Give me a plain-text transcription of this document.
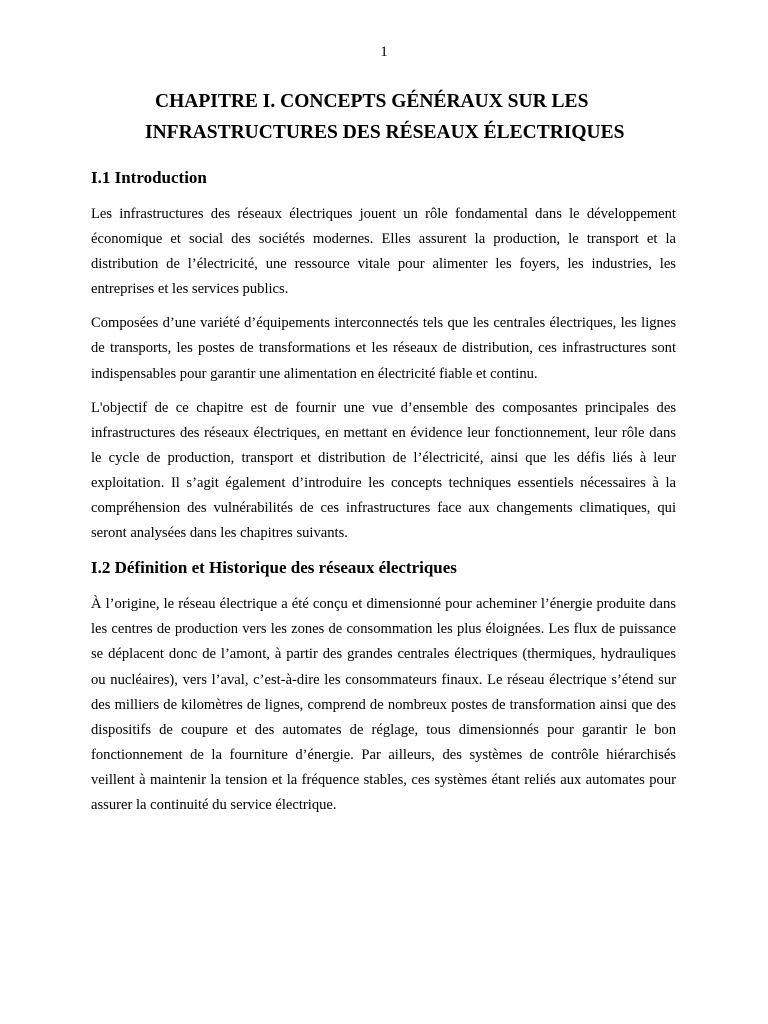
1
CHAPITRE I. CONCEPTS GÉNÉRAUX SUR LES
INFRASTRUCTURES DES RÉSEAUX ÉLECTRIQUES
I.1 Introduction

Les infrastructures des réseaux électriques jouent un rôle fondamental dans le développement économique et social des sociétés modernes. Elles assurent la production, le transport et la distribution de l’électricité, une ressource vitale pour alimenter les foyers, les industries, les entreprises et les services publics.

Composées d’une variété d’équipements interconnectés tels que les centrales électriques, les lignes de transports, les postes de transformations et les réseaux de distribution, ces infrastructures sont indispensables pour garantir une alimentation en électricité fiable et continu.

L'objectif de ce chapitre est de fournir une vue d’ensemble des composantes principales des infrastructures des réseaux électriques, en mettant en évidence leur fonctionnement, leur rôle dans le cycle de production, transport et distribution de l’électricité, ainsi que les défis liés à leur exploitation. Il s’agit également d’introduire les concepts techniques essentiels nécessaires à la compréhension des vulnérabilités de ces infrastructures face aux changements climatiques, qui seront analysées dans les chapitres suivants.

I.2 Définition et Historique des réseaux électriques

À l’origine, le réseau électrique a été conçu et dimensionné pour acheminer l’énergie produite dans les centres de production vers les zones de consommation les plus éloignées. Les flux de puissance se déplacent donc de l’amont, à partir des grandes centrales électriques (thermiques, hydrauliques ou nucléaires), vers l’aval, c’est-à-dire les consommateurs finaux. Le réseau électrique s’étend sur des milliers de kilomètres de lignes, comprend de nombreux postes de transformation ainsi que des dispositifs de coupure et des automates de réglage, tous dimensionnés pour garantir le bon fonctionnement de la fourniture d’énergie. Par ailleurs, des systèmes de contrôle hiérarchisés veillent à maintenir la tension et la fréquence stables, ces systèmes étant reliés aux automates pour assurer la continuité du service électrique.
